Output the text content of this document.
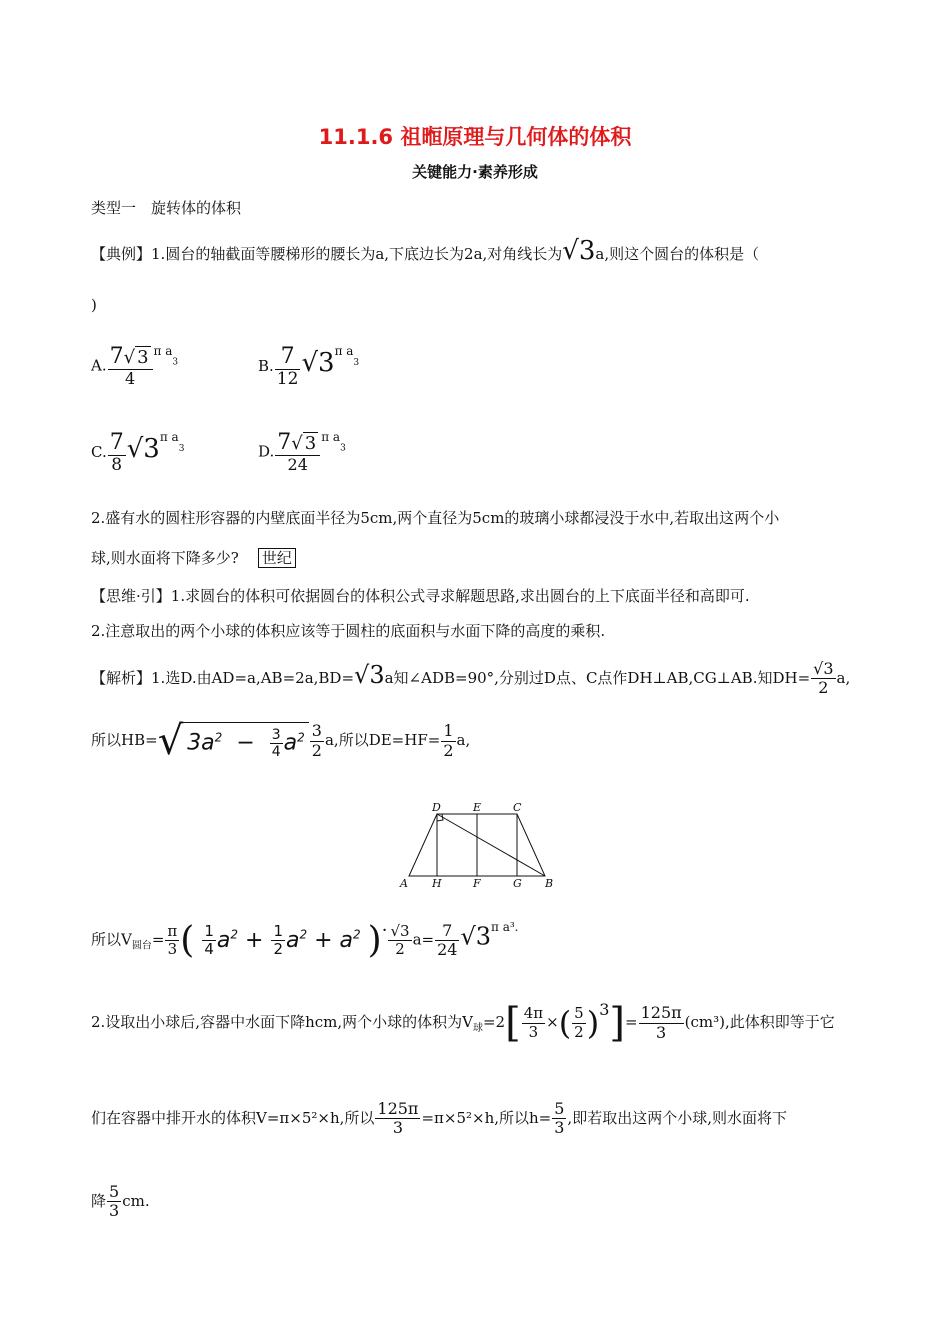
11.1.6 祖暅原理与几何体的体积
关键能力·素养形成
类型一　旋转体的体积
【典例】1.圆台的轴截面等腰梯形的腰长为a,下底边长为2a,对角线长为√3a,则这个圆台的体积是（
)
A. $\frac{7√ 3}{4} ^{\pi a3}$	B. $\frac{7}{12} √3^{\pi a3}$
C. $\frac{7}{8} √3^{\pi a3}$	D. $\frac{7√ 3}{24} ^{\pi a3}$
2.盛有水的圆柱形容器的内壁底面半径为5cm,两个直径为5cm的玻璃小球都浸没于水中,若取出这两个小
球,则水面将下降多少? 世纪
【思维·引】1.求圆台的体积可依据圆台的体积公式寻求解题思路,求出圆台的上下底面半径和高即可.
2.注意取出的两个小球的体积应该等于圆柱的底面积与水面下降的高度的乘积.
【解析】1.选D.由AD=a,AB=2a,BD=√3a知∠ADB=90°,分别过D点、C点作DH⊥AB,CG⊥AB.知$DH= \frac{√3}{2} a$,
所以HB=√ $3a^2 - \frac{3}{4} a^2 \frac{3}{2} a$,所以$DE=HF= \frac{1}{2} a$,
D	E	C
A H	F	G B
所以$V_{圆台}= \frac{\pi}{3}$ ( $\frac{1}{4} a^2 + \frac{1}{2} a^2 + a^2$ )· $\frac{√3}{2} a= \frac{7}{24} √3^{\pi a^3.}$
2.设取出小球后,容器中水面下降hcm,两个小球的体积为$V_球=2[ \frac{4\pi}{3}$ ×( $\frac{5}{2} )^3]= \frac{125\pi}{3} (cm^3)$,此体积即等于它
们在容器中排开水的体积V=π×5²×h,所以 $\frac{125\pi}{3} =\pi\times 5^2\times h$,所以$h= \frac{5}{3}$ ,即若取出这两个小球,则水面将下
降 $\frac{5}{3}$ cm.
